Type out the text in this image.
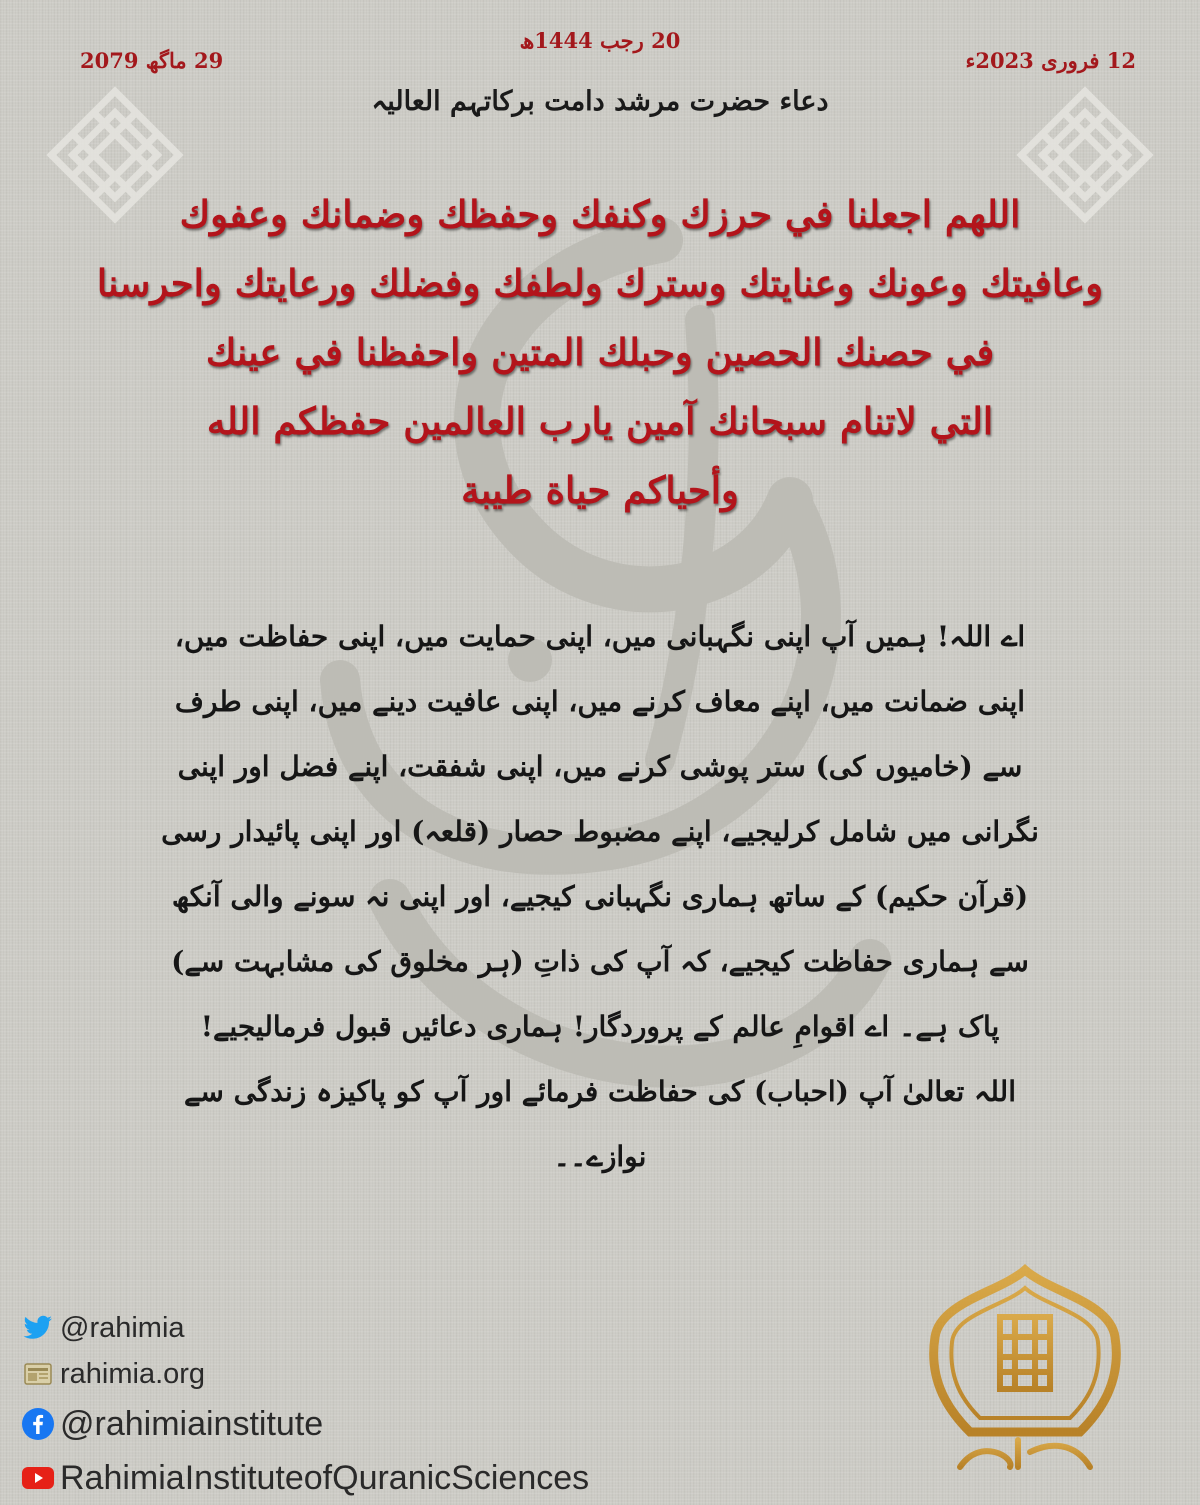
20 رجب 1444ھ
12 فروری 2023ء
29 ماگھ 2079
دعاء حضرت مرشد دامت برکاتہم العالیہ
اللهم اجعلنا في حرزك وكنفك وحفظك وضمانك وعفوك
وعافيتك وعونك وعنايتك وسترك ولطفك وفضلك ورعايتك واحرسنا
في حصنك الحصين وحبلك المتين واحفظنا في عينك
التي لاتنام سبحانك آمين يارب العالمين حفظكم الله
وأحياكم حياة طيبة
اے اللہ! ہمیں آپ اپنی نگہبانی میں، اپنی حمایت میں، اپنی حفاظت میں،
اپنی ضمانت میں، اپنے معاف کرنے میں، اپنی عافیت دینے میں، اپنی طرف
سے (خامیوں کی) ستر پوشی کرنے میں، اپنی شفقت، اپنے فضل اور اپنی
نگرانی میں شامل کرلیجیے، اپنے مضبوط حصار (قلعہ) اور اپنی پائیدار رسی
(قرآن حکیم) کے ساتھ ہماری نگہبانی کیجیے، اور اپنی نہ سونے والی آنکھ
سے ہماری حفاظت کیجیے، کہ آپ کی ذاتِ (ہر مخلوق کی مشابہت سے)
پاک ہے۔ اے اقوامِ عالم کے پروردگار! ہماری دعائیں قبول فرمالیجیے!
اللہ تعالیٰ آپ (احباب) کی حفاظت فرمائے اور آپ کو پاکیزہ زندگی سے
نوازے۔۔
@rahimia
rahimia.org
@rahimiainstitute
RahimiaInstituteofQuranicSciences
